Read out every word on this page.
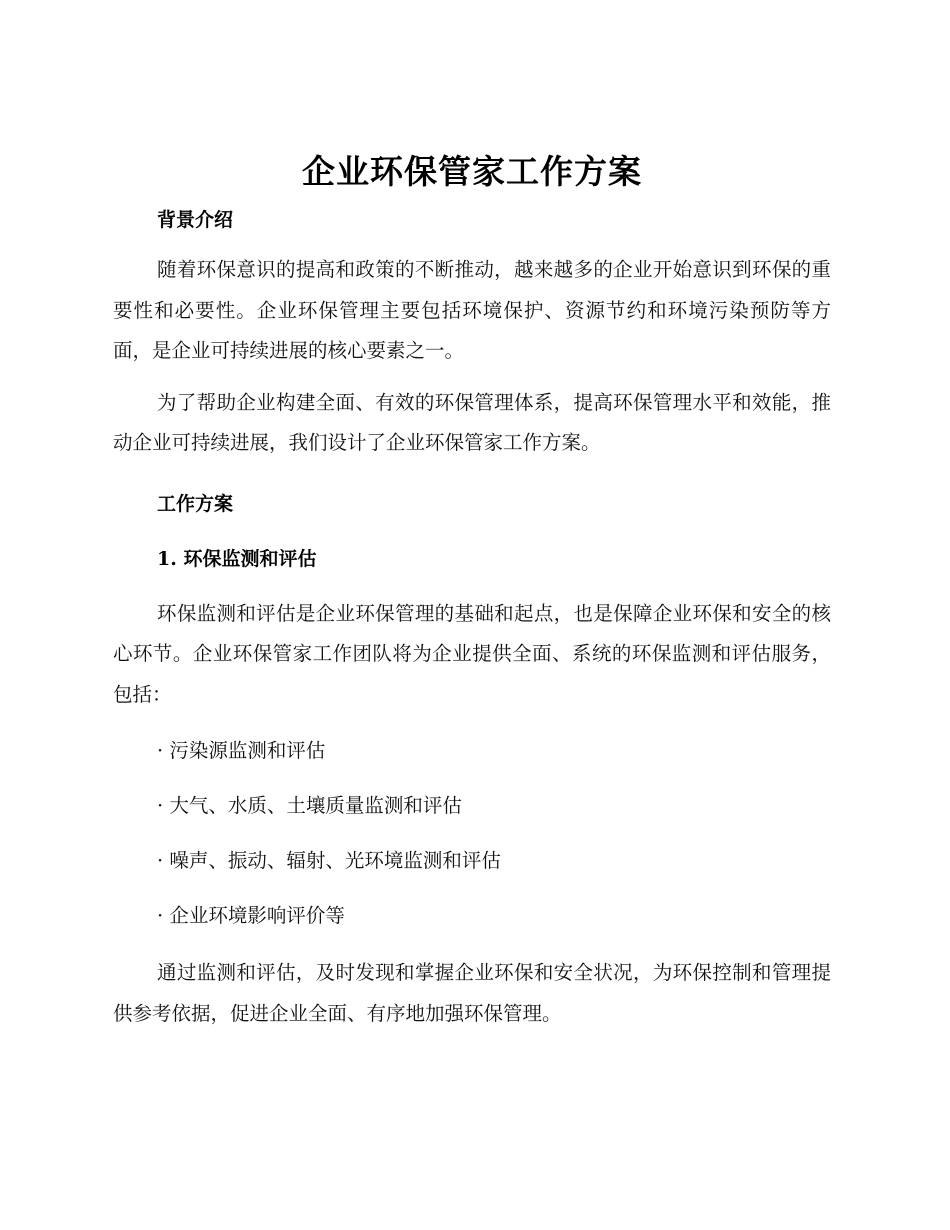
企业环保管家工作方案
背景介绍

随着环保意识的提高和政策的不断推动，越来越多的企业开始意识到环保的重要性和必要性。企业环保管理主要包括环境保护、资源节约和环境污染预防等方面，是企业可持续进展的核心要素之一。

为了帮助企业构建全面、有效的环保管理体系，提高环保管理水平和效能，推动企业可持续进展，我们设计了企业环保管家工作方案。

工作方案
1. 环保监测和评估

环保监测和评估是企业环保管理的基础和起点，也是保障企业环保和安全的核心环节。企业环保管家工作团队将为企业提供全面、系统的环保监测和评估服务，包括：

· 污染源监测和评估

· 大气、水质、土壤质量监测和评估

· 噪声、振动、辐射、光环境监测和评估

· 企业环境影响评价等

通过监测和评估，及时发现和掌握企业环保和安全状况，为环保控制和管理提供参考依据，促进企业全面、有序地加强环保管理。
